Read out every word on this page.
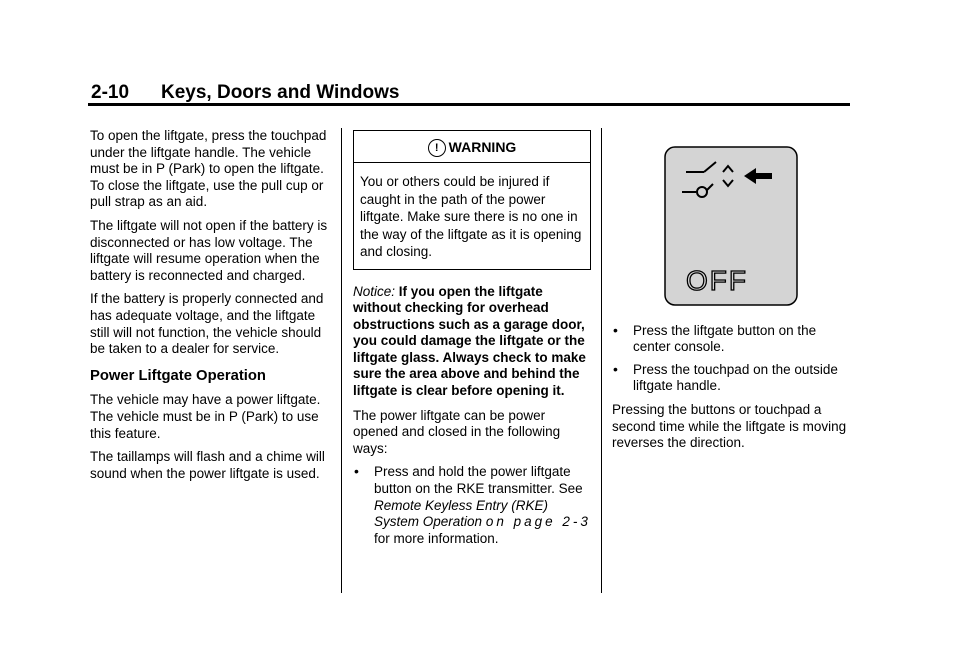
2-10 Keys, Doors and Windows

To open the liftgate, press the touchpad under the liftgate handle. The vehicle must be in P (Park) to open the liftgate. To close the liftgate, use the pull cup or pull strap as an aid.

The liftgate will not open if the battery is disconnected or has low voltage. The liftgate will resume operation when the battery is reconnected and charged.

If the battery is properly connected and has adequate voltage, and the liftgate still will not function, the vehicle should be taken to a dealer for service.

Power Liftgate Operation

The vehicle may have a power liftgate. The vehicle must be in P (Park) to use this feature.

The taillamps will flash and a chime will sound when the power liftgate is used.

! WARNING
You or others could be injured if caught in the path of the power liftgate. Make sure there is no one in the way of the liftgate as it is opening and closing.

Notice: If you open the liftgate without checking for overhead obstructions such as a garage door, you could damage the liftgate or the liftgate glass. Always check to make sure the area above and behind the liftgate is clear before opening it.

The power liftgate can be power opened and closed in the following ways:

• Press and hold the power liftgate button on the RKE transmitter. See Remote Keyless Entry (RKE) System Operation on page 2-3 for more information.
OFF
• Press the liftgate button on the center console.
• Press the touchpad on the outside liftgate handle.

Pressing the buttons or touchpad a second time while the liftgate is moving reverses the direction.
